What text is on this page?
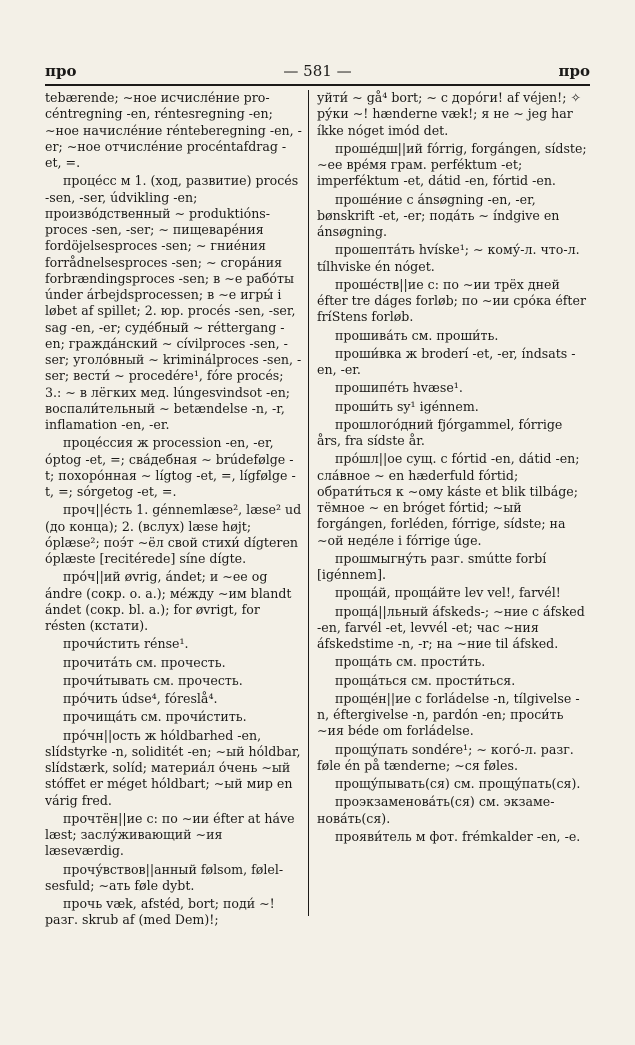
про	— 581 —	про

tebærende; ∼ное исчисле́ние procéntregning -en, réntesregning -en; ∼ное начисле́ние rénteberegning -en, -er; ∼ное отчисле́ние procéntafdrag -et, =.

проце́сс м 1. (ход, развитие) procés -sen, -ser, údvikling -en; произво́дственный ∼ produktiónsproces -sen, -ser; ∼ пищеваре́ния fordöjelsesproces -sen; ∼ гние́ния forrådnelsesproces -sen; ∼ сгора́ния forbrændingsproces -sen; в ∼е рабо́ты únder árbejdsprocessen; в ∼е игры́ i løbet af spillet; 2. юр. procés -sen, -ser, sag -en, -er; суде́бный ∼ réttergang -en; гражда́нский ∼ cívilproces -sen, -ser; уголо́вный ∼ kriminálproces -sen, -ser; вести́ ∼ procedére¹, fóre procés; 3.: ∼ в лёгких мед. lúngesvindsot -en; воспали́тельный ∼ betændelse -n, -r, inflamation -en, -er.

проце́ссия ж procession -en, -er, óptog -et, =; сва́дебная ∼ brúdefølge -t; похоро́нная ∼ lígtog -et, =, lígfølge -t, =; sórgetog -et, =.

проч||е́сть 1. génnemlæse², læse² ud (до конца); 2. (вслух) læse højt; óplæse²; поэ́т ∼ёл свой стихи́ dígteren óplæste [recitérede] síne dígte.

про́ч||ий øvrig, ándet; и ∼ее og ándre (сокр. о. а.); ме́жду ∼им blandt ándet (сокр. bl. a.); for øvrigt, for résten (кстати).

прочи́стить rénse¹.

прочита́ть см. прочесть.

прочи́тывать см. прочесть.

про́чить údse⁴, fóreslå⁴.

прочища́ть см. прочи́стить.

про́чн||ость ж hóldbarhed -en, slídstyrke -n, soliditét -en; ∼ый hóldbar, slídstærk, solíd; материа́л о́чень ∼ый stóffet er méget hóldbart; ∼ый мир en várig fred.

прочтён||ие с: по ∼ии éfter at háve læst; заслу́живающий ∼ия læseværdig.

прочу́вствов||анный følsom, følelsesfuld; ∼ать føle dybt.

прочь væk, afstéd, bort; поди́ ∼! разг. skrub af (med Dem)!;

уйти́ ∼ gå⁴ bort; ∼ с доро́ги! af véjen!; ✧ ру́ки ∼! hænderne væk!; я не ∼ jeg har íkke nóget imód det.

проше́дш||ий fórrig, forgángen, sídste; ∼ее вре́мя грам. perféktum -et; imperféktum -et, dátid -en, fórtid -en.

проше́ние с ánsøgning -en, -er, bønskrift -et, -er; пода́ть ∼ índgive en ánsøgning.

прошепта́ть hvíske¹; ∼ кому́-л. что-л. tílhviske én nóget.

проше́ств||ие с: по ∼ии трёх дней éfter tre dáges forløb; по ∼ии сро́ка éfter fríStens forløb.

прошива́ть см. проши́ть.

проши́вка ж broderí -et, -er, índsats -en, -er.

прошипе́ть hvæse¹.

проши́ть sy¹ igénnem.

прошлого́дний fjórgammel, fórrige års, fra sídste år.

про́шл||ое сущ. с fórtid -en, dátid -en; сла́вное ∼ en hæderfuld fórtid; обрати́ться к ∼ому káste et blik tilbáge; тёмное ∼ en bróget fórtid; ∼ый forgángen, forléden, fórrige, sídste; на ∼ой неде́ле i fórrige úge.

прошмыгну́ть разг. smútte forbí [igénnem].

проща́й, проща́йте lev vel!, farvél!

проща́||льный áfskeds-; ∼ние с áfsked -en, farvél -et, levvél -et; час ∼ния áfskedstime -n, -r; на ∼ние til áfsked.

проща́ть см. прости́ть.

проща́ться см. прости́ться.

проще́н||ие с forládelse -n, tílgivelse -n, éftergivelse -n, pardón -en; проси́ть ∼ия béde om forládelse.

прощу́пать sondére¹; ∼ кого́-л. разг. føle én på tænderne; ∼ся føles.

прощу́пывать(ся) см. прощу́пать(ся).

проэкзаменова́ть(ся) см. экзаменова́ть(ся).

прояви́тель м фот. frémkalder -en, -e.
